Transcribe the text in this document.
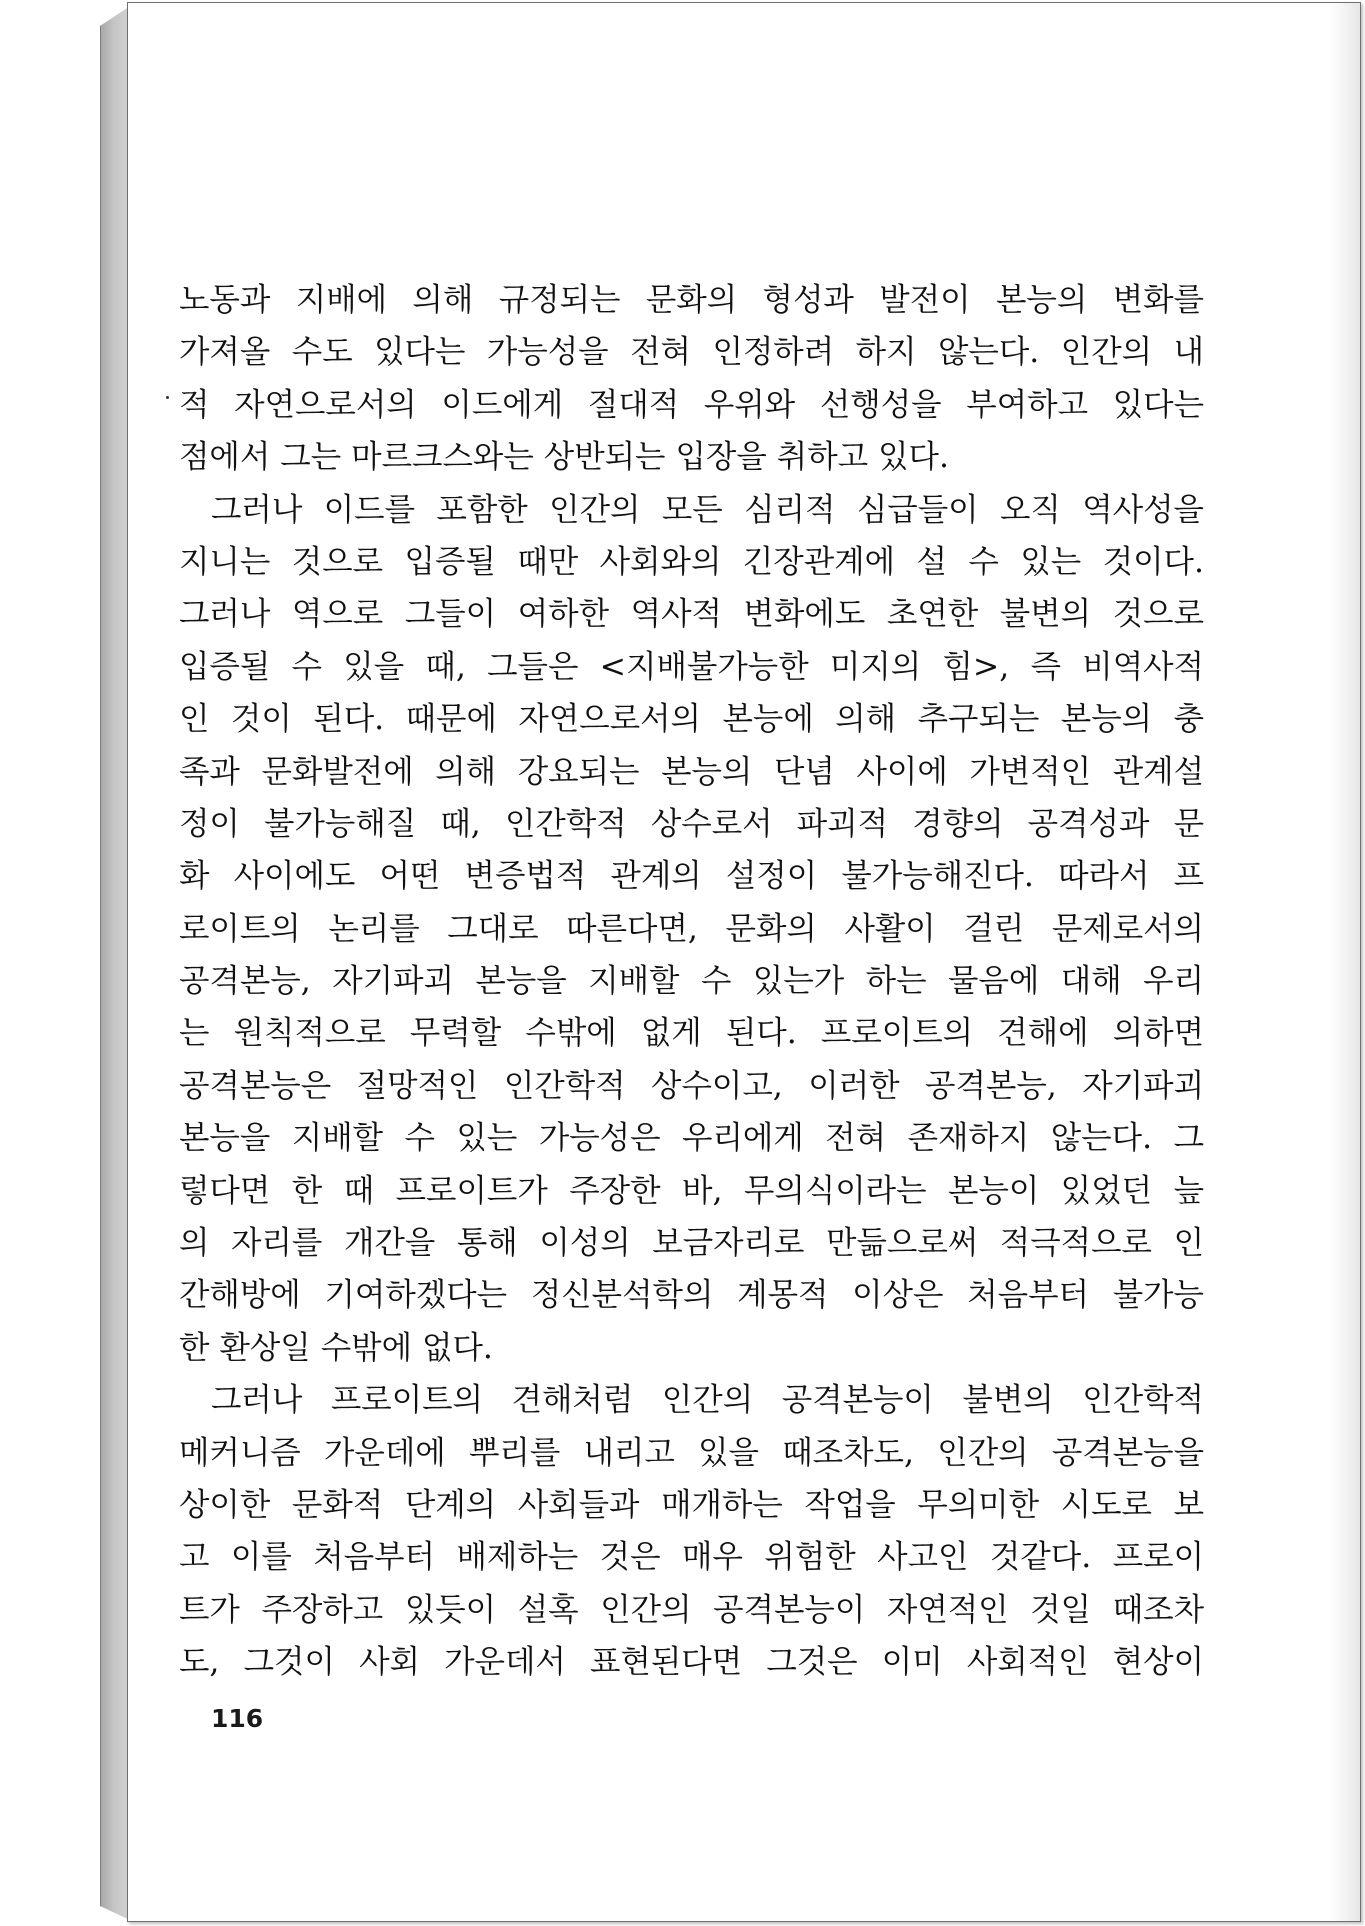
노동과 지배에 의해 규정되는 문화의 형성과 발전이 본능의 변화를
가져올 수도 있다는 가능성을 전혀 인정하려 하지 않는다. 인간의 내
적 자연으로서의 이드에게 절대적 우위와 선행성을 부여하고 있다는
점에서 그는 마르크스와는 상반되는 입장을 취하고 있다.
그러나 이드를 포함한 인간의 모든 심리적 심급들이 오직 역사성을
지니는 것으로 입증될 때만 사회와의 긴장관계에 설 수 있는 것이다.
그러나 역으로 그들이 여하한 역사적 변화에도 초연한 불변의 것으로
입증될 수 있을 때, 그들은 <지배불가능한 미지의 힘>, 즉 비역사적
인 것이 된다. 때문에 자연으로서의 본능에 의해 추구되는 본능의 충
족과 문화발전에 의해 강요되는 본능의 단념 사이에 가변적인 관계설
정이 불가능해질 때, 인간학적 상수로서 파괴적 경향의 공격성과 문
화 사이에도 어떤 변증법적 관계의 설정이 불가능해진다. 따라서 프
로이트의 논리를 그대로 따른다면, 문화의 사활이 걸린 문제로서의
공격본능, 자기파괴 본능을 지배할 수 있는가 하는 물음에 대해 우리
는 원칙적으로 무력할 수밖에 없게 된다. 프로이트의 견해에 의하면
공격본능은 절망적인 인간학적 상수이고, 이러한 공격본능, 자기파괴
본능을 지배할 수 있는 가능성은 우리에게 전혀 존재하지 않는다. 그
렇다면 한 때 프로이트가 주장한 바, 무의식이라는 본능이 있었던 늪
의 자리를 개간을 통해 이성의 보금자리로 만듦으로써 적극적으로 인
간해방에 기여하겠다는 정신분석학의 계몽적 이상은 처음부터 불가능
한 환상일 수밖에 없다.
그러나 프로이트의 견해처럼 인간의 공격본능이 불변의 인간학적
메커니즘 가운데에 뿌리를 내리고 있을 때조차도, 인간의 공격본능을
상이한 문화적 단계의 사회들과 매개하는 작업을 무의미한 시도로 보
고 이를 처음부터 배제하는 것은 매우 위험한 사고인 것같다. 프로이
트가 주장하고 있듯이 설혹 인간의 공격본능이 자연적인 것일 때조차
도, 그것이 사회 가운데서 표현된다면 그것은 이미 사회적인 현상이
116
